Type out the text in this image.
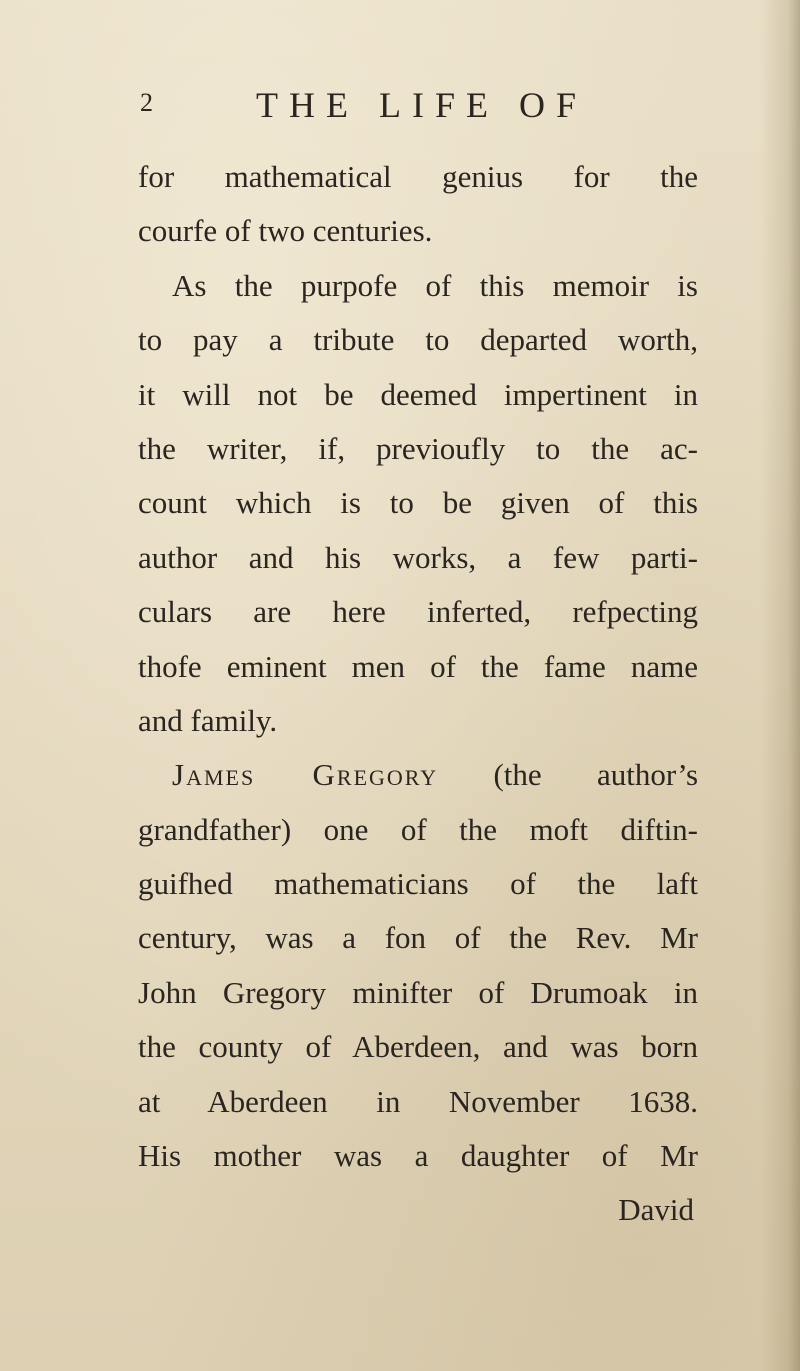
2	THE LIFE OF
for mathematical genius for the
courfe of two centuries.
As the purpofe of this memoir is
to pay a tribute to departed worth,
it will not be deemed impertinent in
the writer, if, previoufly to the ac-
count which is to be given of this
author and his works, a few parti-
culars are here inferted, refpecting
thofe eminent men of the fame name
and family.
James Gregory (the author’s
grandfather) one of the moft diftin-
guifhed mathematicians of the laft
century, was a fon of the Rev. Mr
John Gregory minifter of Drumoak in
the county of Aberdeen, and was born
at Aberdeen in November 1638.
His mother was a daughter of Mr
David
